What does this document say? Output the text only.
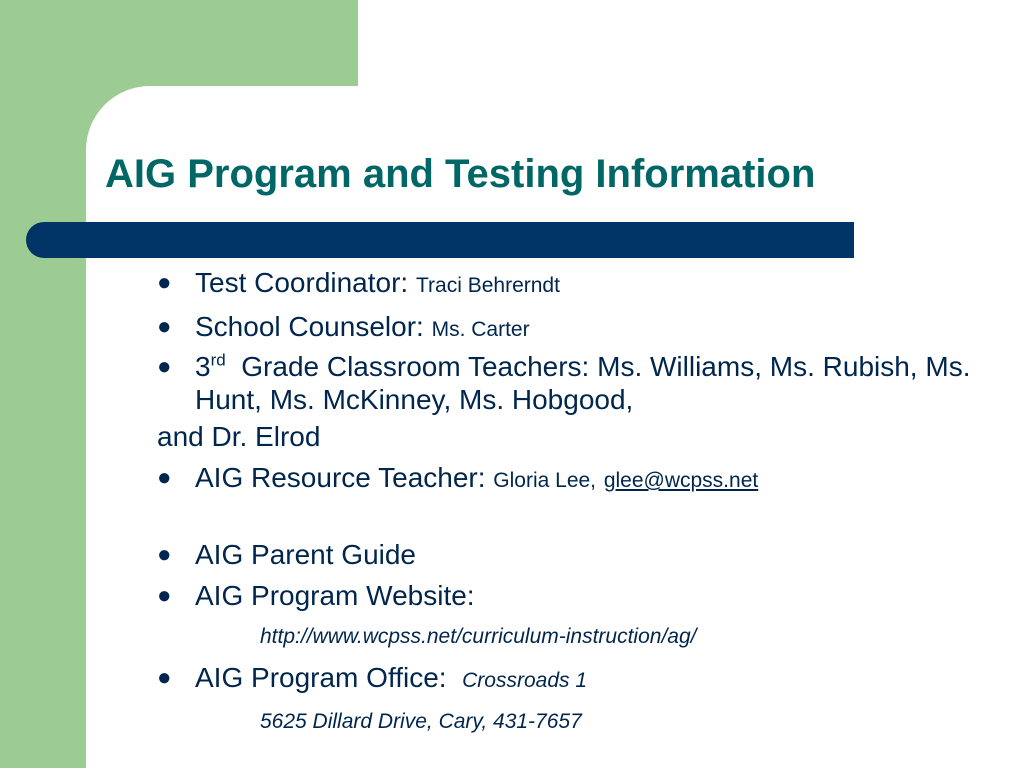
AIG Program and Testing Information
● Test Coordinator: Traci Behrerndt
● School Counselor: Ms. Carter
● 3rd Grade Classroom Teachers: Ms. Williams, Ms. Rubish, Ms. Hunt, Ms. McKinney, Ms. Hobgood,
and Dr. Elrod
● AIG Resource Teacher: Gloria Lee, glee@wcpss.net
● AIG Parent Guide
● AIG Program Website:
http://www.wcpss.net/curriculum-instruction/ag/
● AIG Program Office: Crossroads 1
5625 Dillard Drive, Cary, 431-7657
